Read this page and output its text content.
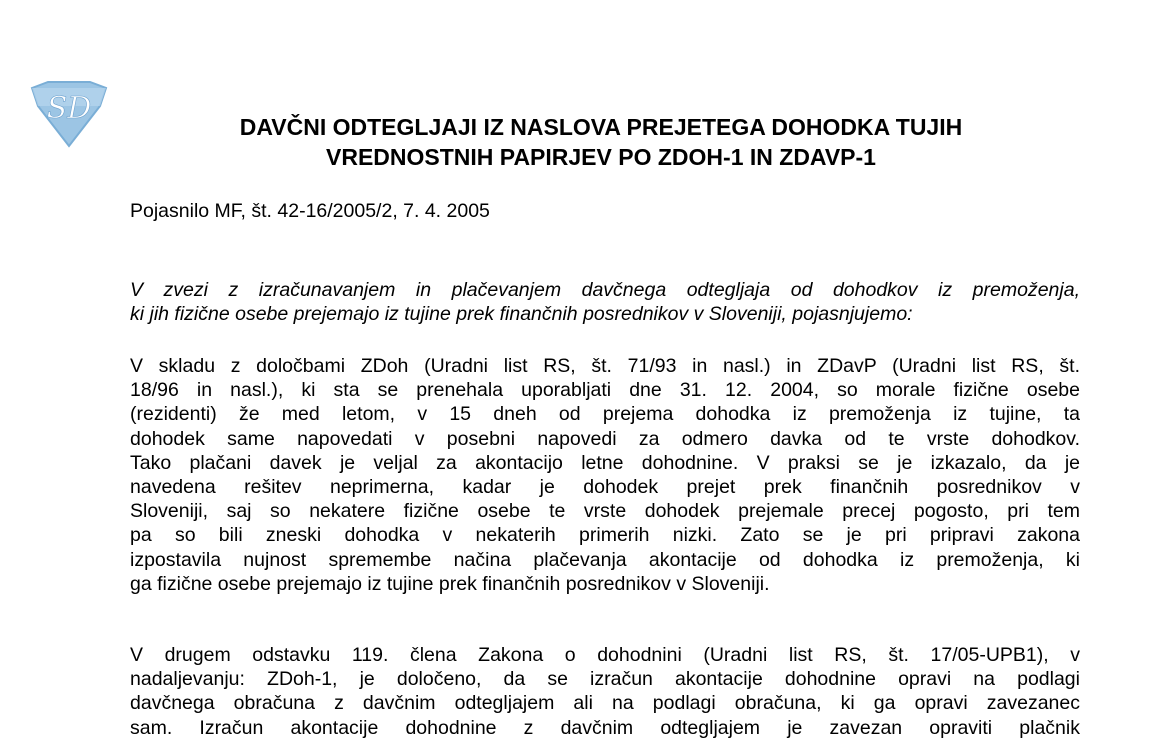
SD
DAVČNI ODTEGLJAJI IZ NASLOVA PREJETEGA DOHODKA TUJIH
VREDNOSTNIH PAPIRJEV PO ZDOH-1 IN ZDAVP-1

Pojasnilo MF, št. 42-16/2005/2, 7. 4. 2005

V zvezi z izračunavanjem in plačevanjem davčnega odtegljaja od dohodkov iz premoženja,
ki jih fizične osebe prejemajo iz tujine prek finančnih posrednikov v Sloveniji, pojasnjujemo:
V skladu z določbami ZDoh (Uradni list RS, št. 71/93 in nasl.) in ZDavP (Uradni list RS, št.
18/96 in nasl.), ki sta se prenehala uporabljati dne 31. 12. 2004, so morale fizične osebe
(rezidenti) že med letom, v 15 dneh od prejema dohodka iz premoženja iz tujine, ta
dohodek same napovedati v posebni napovedi za odmero davka od te vrste dohodkov.
Tako plačani davek je veljal za akontacijo letne dohodnine. V praksi se je izkazalo, da je
navedena rešitev neprimerna, kadar je dohodek prejet prek finančnih posrednikov v
Sloveniji, saj so nekatere fizične osebe te vrste dohodek prejemale precej pogosto, pri tem
pa so bili zneski dohodka v nekaterih primerih nizki. Zato se je pri pripravi zakona
izpostavila nujnost spremembe načina plačevanja akontacije od dohodka iz premoženja, ki
ga fizične osebe prejemajo iz tujine prek finančnih posrednikov v Sloveniji.
V drugem odstavku 119. člena Zakona o dohodnini (Uradni list RS, št. 17/05-UPB1), v
nadaljevanju: ZDoh-1, je določeno, da se izračun akontacije dohodnine opravi na podlagi
davčnega obračuna z davčnim odtegljajem ali na podlagi obračuna, ki ga opravi zavezanec
sam. Izračun akontacije dohodnine z davčnim odtegljajem je zavezan opraviti plačnik
